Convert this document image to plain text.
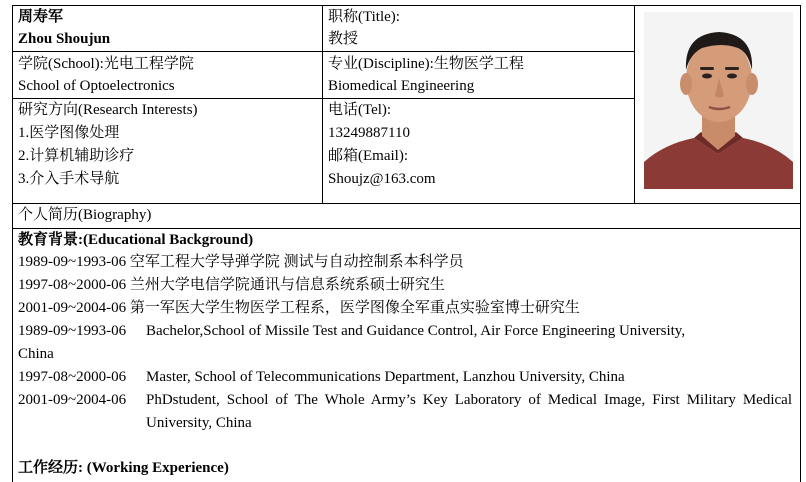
周寿军
Zhou Shoujun
职称(Title):
教授
学院(School):光电工程学院
School of Optoelectronics
专业(Discipline):生物医学工程
Biomedical Engineering
研究方向(Research Interests)
1.医学图像处理
2.计算机辅助诊疗
3.介入手术导航
电话(Tel):
13249887110
邮箱(Email):
Shoujz@163.com
个人简历(Biography)
教育背景:(Educational Background)
1989-09~1993-06 空军工程大学导弹学院 测试与自动控制系本科学员
1997-08~2000-06 兰州大学电信学院通讯与信息系统系硕士研究生
2001-09~2004-06 第一军医大学生物医学工程系，医学图像全军重点实验室博士研究生
1989-09~1993-06 Bachelor,School of Missile Test and Guidance Control, Air Force Engineering University,
1997-08~2000-06 Master, School of Telecommunications Department, Lanzhou University, China
2001-09~2004-06 PhDstudent, School of The Whole Army’s Key Laboratory of Medical Image, First Military Medical University, China
工作经历: (Working Experience)
China
